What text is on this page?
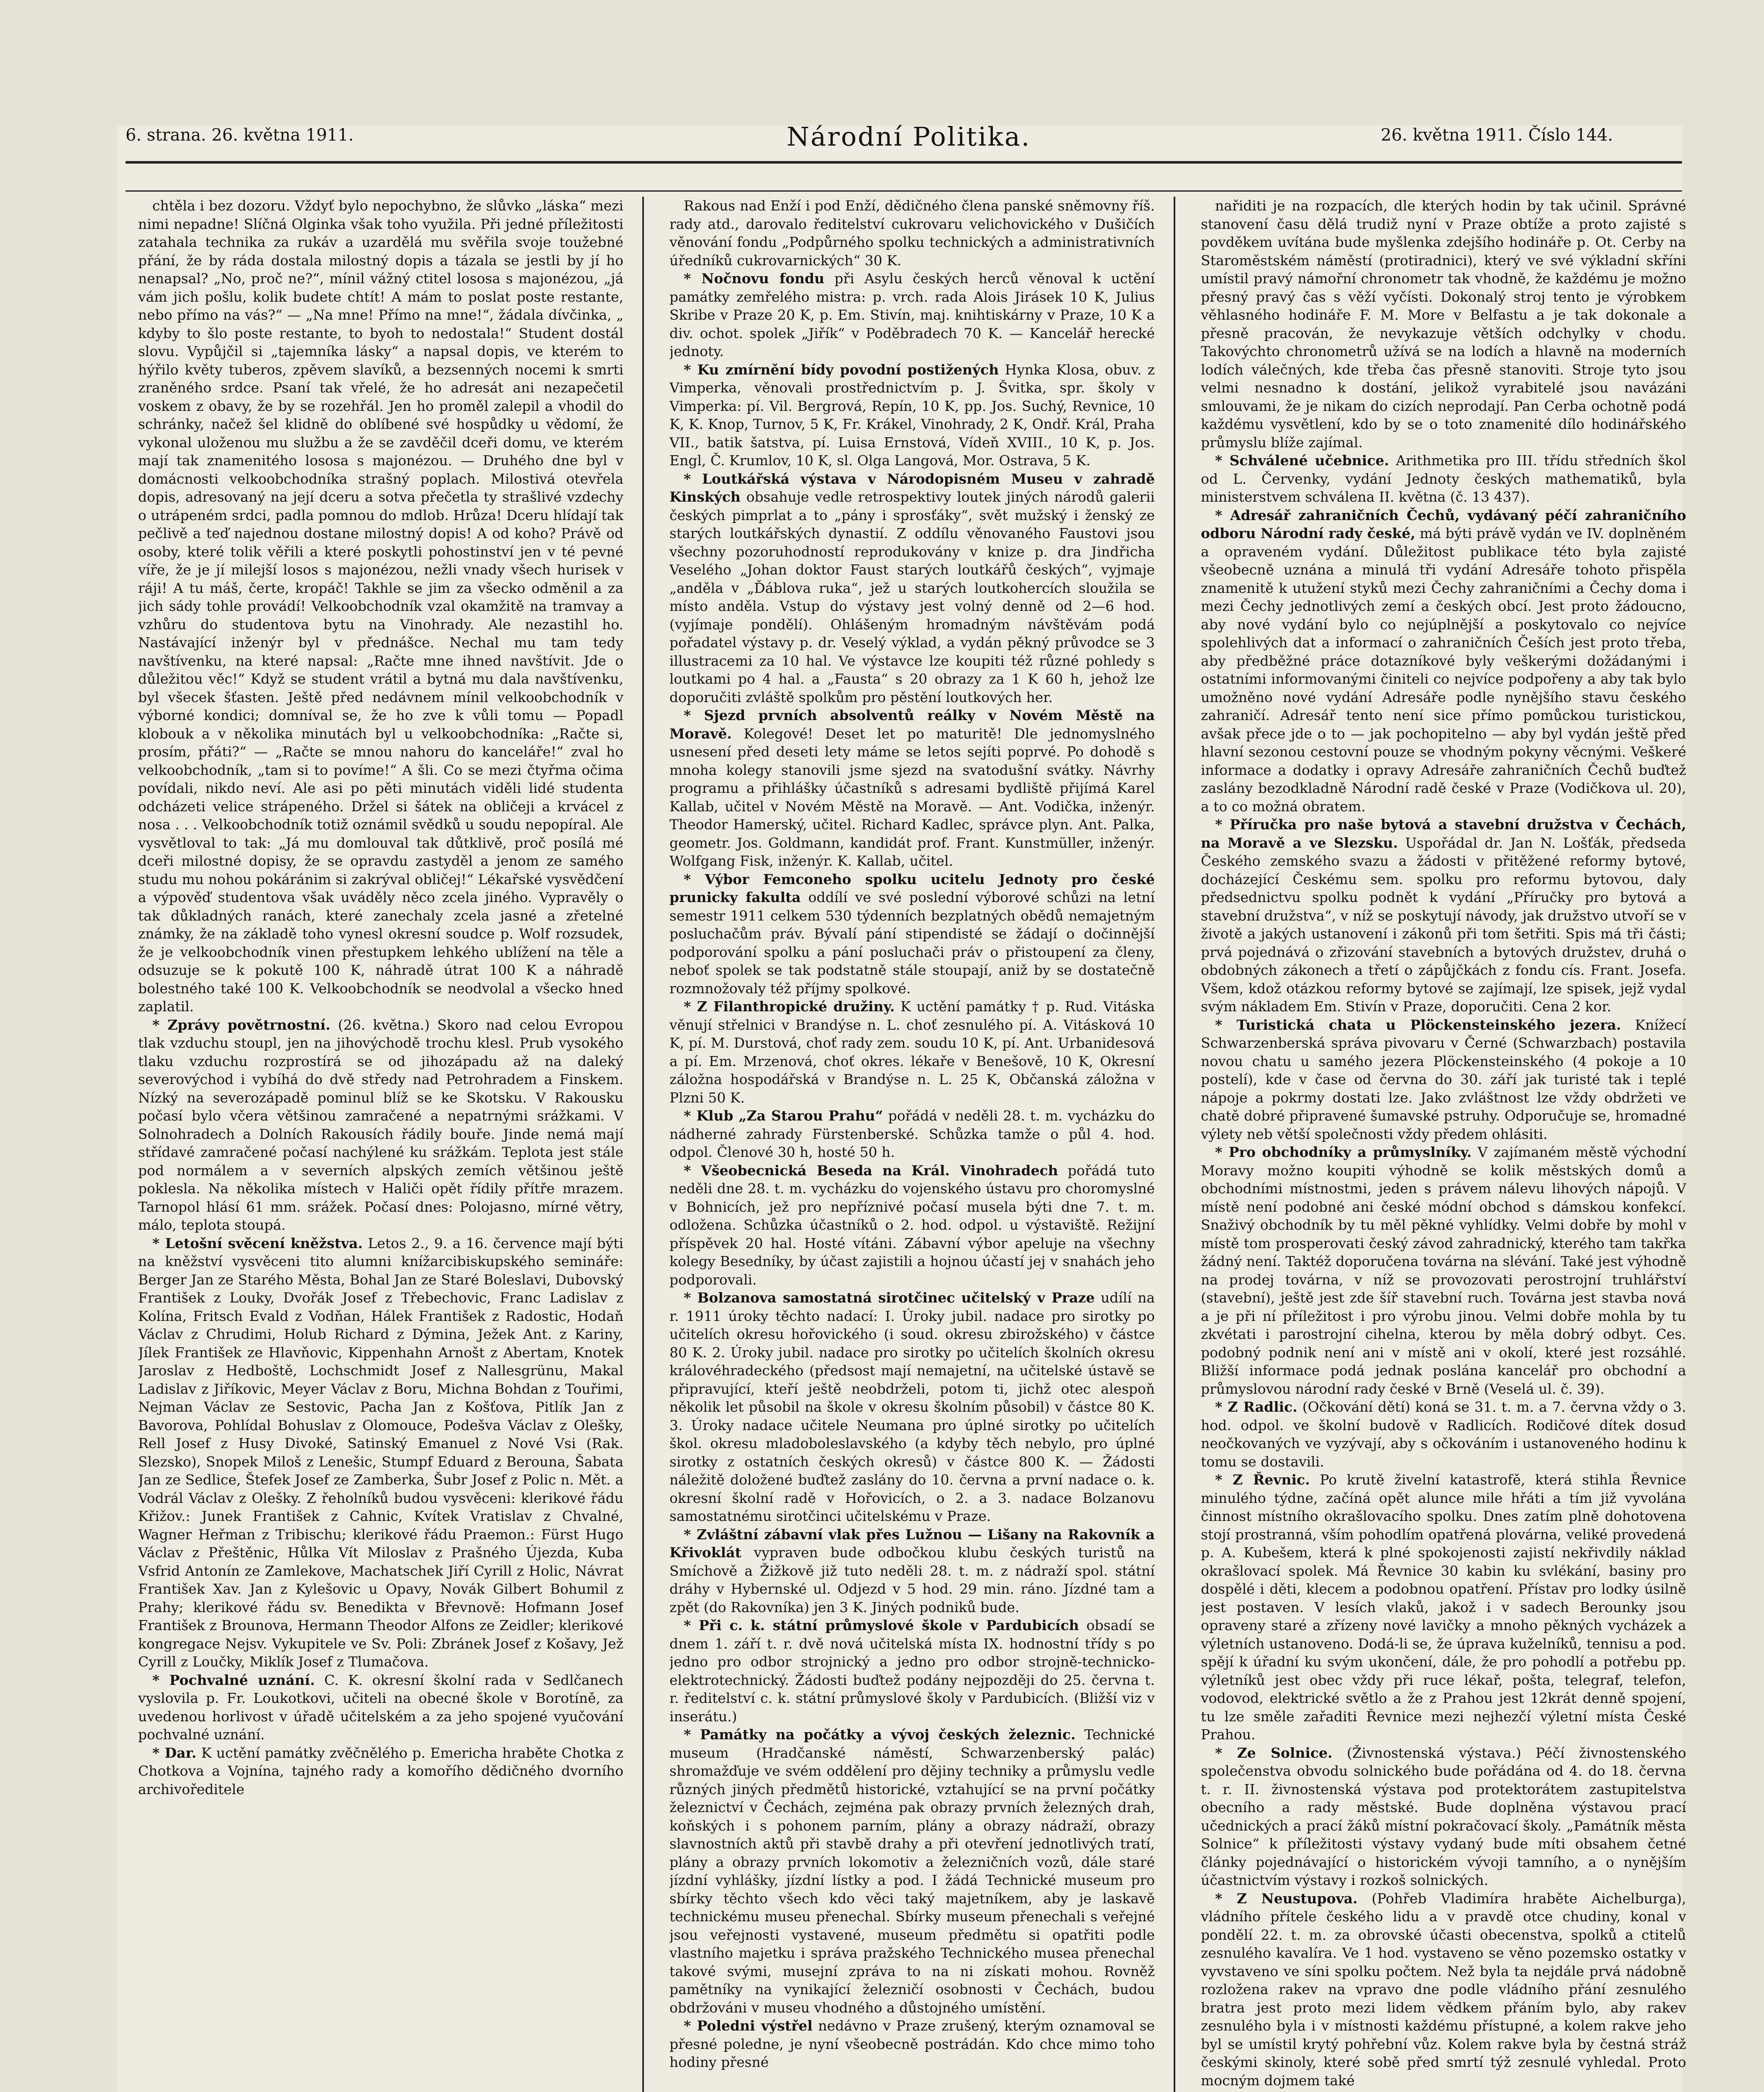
6. strana. 26. května 1911.	Národní Politika.	26. května 1911. Číslo 144.

chtěla i bez dozoru. Vždyť bylo nepochybno, že slůvko „láska“ mezi nimi nepadne! Slíčná Olginka však toho využila. Při jedné příležitosti zatahala technika za rukáv a uzardělá mu svěřila svoje toužebné přání, že by ráda dostala milostný dopis a tázala se jestli by jí ho nenapsal? „No, proč ne?“, mínil vážný ctitel lososa s majonézou, „já vám jich pošlu, kolik budete chtít! A mám to poslat poste restante, nebo přímo na vás?“ — „Na mne! Přímo na mne!“, žádala dívčinka, „ kdyby to šlo poste restante, to byoh to nedostala!“ Student dostál slovu. Vypůjčil si „tajemníka lásky“ a napsal dopis, ve kterém to hýřilo květy tuberos, zpěvem slavíků, a bezsenných nocemi k smrti zraněného srdce. Psaní tak vřelé, že ho adresát ani nezapečetil voskem z obavy, že by se rozehřál. Jen ho proměl zalepil a vhodil do schránky, načež šel klidně do oblíbené své hospůdky u vědomí, že vykonal uloženou mu službu a že se zavděčil dceři domu, ve kterém mají tak znamenitého lososa s majonézou. — Druhého dne byl v domácnosti velkoobchodníka strašný poplach. Milostivá otevřela dopis, adresovaný na její dceru a sotva přečetla ty strašlivé vzdechy o utrápeném srdci, padla pomnou do mdlob. Hrůza! Dceru hlídají tak pečlivě a teď najednou dostane milostný dopis! A od koho? Právě od osoby, které tolik věřili a které poskytli pohostinství jen v té pevné víře, že je jí milejší losos s majonézou, nežli vnady všech hurisek v ráji! A tu máš, čerte, kropáč! Takhle se jim za všecko odměnil a za jich sády tohle provádí! Velkoobchodník vzal okamžitě na tramvay a vzhůru do studentova bytu na Vinohrady. Ale nezastihl ho. Nastávající inženýr byl v přednášce. Nechal mu tam tedy navštívenku, na které napsal: „Račte mne ihned navštívit. Jde o důležitou věc!“ Když se student vrátil a bytná mu dala navštívenku, byl všecek šťasten. Ještě před nedávnem mínil velkoobchodník v výborné kondici; domníval se, že ho zve k vůli tomu — Popadl klobouk a v několika minutách byl u velkoobchodníka: „Račte si, prosím, přáti?“ — „Račte se mnou nahoru do kanceláře!“ zval ho velkoobchodník, „tam si to povíme!“ A šli. Co se mezi čtyřma očima povídali, nikdo neví. Ale asi po pěti minutách viděli lidé studenta odcházeti velice strápeného. Držel si šátek na obličeji a krvácel z nosa . . . Velkoobchodník totiž oznámil svědků u soudu nepopíral. Ale vysvětloval to tak: „Já mu domlouval tak důtklivě, proč posílá mé dceři milostné dopisy, že se opravdu zastyděl a jenom ze samého studu mu nohou pokáránim si zakrýval obličej!“ Lékařské vysvědčení a výpověď studentova však uváděly něco zcela jiného. Vypravěly o tak důkladných ranách, které zanechaly zcela jasné a zřetelné známky, že na základě toho vynesl okresní soudce p. Wolf rozsudek, že je velkoobchodník vinen přestupkem lehkého ublížení na těle a odsuzuje se k pokutě 100 K, náhradě útrat 100 K a náhradě bolestného také 100 K. Velkoobchodník se neodvolal a všecko hned zaplatil.

* Zprávy povětrnostní. (26. května.) Skoro nad celou Evropou tlak vzduchu stoupl, jen na jihovýchodě trochu klesl. Prub vysokého tlaku vzduchu rozprostírá se od jihozápadu až na daleký severovýchod i vybíhá do dvě středy nad Petrohradem a Finskem. Nízký na severozápadě pominul blíž se ke Skotsku. V Rakousku počasí bylo včera většinou zamračené a nepatrnými srážkami. V Solnohradech a Dolních Rakousích řádily bouře. Jinde nemá mají střídavé zamračené počasí nachýlené ku srážkám. Teplota jest stále pod normálem a v severních alpských zemích většinou ještě poklesla. Na několika místech v Haliči opět řídily přítře mrazem. Tarnopol hlásí 61 mm. srážek. Počasí dnes: Polojasno, mírné větry, málo, teplota stoupá.

* Letošní svěcení kněžstva. Letos 2., 9. a 16. července mají býti na kněžství vysvěceni tito alumni knížarcibiskupského semináře: Berger Jan ze Starého Města, Bohal Jan ze Staré Boleslavi, Dubovský František z Louky, Dvořák Josef z Třebechovic, Franc Ladislav z Kolína, Fritsch Evald z Vodňan, Hálek František z Radostic, Hodaň Václav z Chrudimi, Holub Richard z Dýmina, Ježek Ant. z Kariny, Jílek František ze Hlavňovic, Kippenhahn Arnošt z Abertam, Knotek Jaroslav z Hedboště, Lochschmidt Josef z Nallesgrünu, Makal Ladislav z Jiříkovic, Meyer Václav z Boru, Michna Bohdan z Touřimi, Nejman Václav ze Sestovic, Pacha Jan z Košťova, Pitlík Jan z Bavorova, Pohlídal Bohuslav z Olomouce, Podešva Václav z Olešky, Rell Josef z Husy Divoké, Satinský Emanuel z Nové Vsi (Rak. Slezsko), Snopek Miloš z Lenešic, Stumpf Eduard z Berouna, Šabata Jan ze Sedlice, Štefek Josef ze Zamberka, Šubr Josef z Polic n. Mět. a Vodrál Václav z Olešky. Z řeholníků budou vysvěceni: klerikové řádu Křižov.: Junek František z Cahnic, Kvítek Vratislav z Chvalné, Wagner Heřman z Tribischu; klerikové řádu Praemon.: Fürst Hugo Václav z Přeštěnic, Hůlka Vít Miloslav z Prašného Újezda, Kuba Vsfrid Antonín ze Zamlekove, Machatschek Jiří Cyrill z Holic, Návrat František Xav. Jan z Kylešovic u Opavy, Novák Gilbert Bohumil z Prahy; klerikové řádu sv. Benedikta v Břevnově: Hofmann Josef František z Brounova, Hermann Theodor Alfons ze Zeidler; klerikové kongregace Nejsv. Vykupitele ve Sv. Poli: Zbránek Josef z Košavy, Jež Cyrill z Loučky, Miklík Josef z Tlumačova.

* Pochvalné uznání. C. K. okresní školní rada v Sedlčanech vyslovila p. Fr. Loukotkovi, učiteli na obecné škole v Borotíně, za uvedenou horlivost v úřadě učitelském a za jeho spojené vyučování pochvalné uznání.

* Dar. K uctění památky zvěčnělého p. Emericha hraběte Chotka z Chotkova a Vojnína, tajného rady a komořího dědičného dvorního archivoředitele

Rakous nad Enží i pod Enží, dědičného člena panské sněmovny říš. rady atd., darovalo ředitelství cukrovaru velichovického v Dušičích věnování fondu „Podpůrného spolku technických a administrativních úředníků cukrovarnických“ 30 K.

* Nočnovu fondu při Asylu českých herců věnoval k uctění památky zemřelého mistra: p. vrch. rada Alois Jirásek 10 K, Julius Skribe v Praze 20 K, p. Em. Stivín, maj. knihtiskárny v Praze, 10 K a div. ochot. spolek „Jiřík“ v Poděbradech 70 K. — Kancelář herecké jednoty.

* Ku zmírnění bídy povodní postižených Hynka Klosa, obuv. z Vimperka, věnovali prostřednictvím p. J. Švitka, spr. školy v Vimperka: pí. Vil. Bergrová, Repín, 10 K, pp. Jos. Suchý, Revnice, 10 K, K. Knop, Turnov, 5 K, Fr. Krákel, Vinohrady, 2 K, Ondř. Král, Praha VII., batik šatstva, pí. Luisa Ernstová, Vídeň XVIII., 10 K, p. Jos. Engl, Č. Krumlov, 10 K, sl. Olga Langová, Mor. Ostrava, 5 K.

* Loutkářská výstava v Národopisném Museu v zahradě Kinských obsahuje vedle retrospektivy loutek jiných národů galerii českých pimprlat a to „pány i sprosťáky“, svět mužský i ženský ze starých loutkářských dynastií. Z oddílu věnovaného Faustovi jsou všechny pozoruhodností reprodukovány v knize p. dra Jindřicha Veselého „Johan doktor Faust starých loutkářů českých“, vyjmaje „anděla v „Ďáblova ruka“, jež u starých loutkohercích sloužila se místo anděla. Vstup do výstavy jest volný denně od 2—6 hod. (vyjímaje pondělí). Ohlášeným hromadným návštěvám podá pořadatel výstavy p. dr. Veselý výklad, a vydán pěkný průvodce se 3 illustracemi za 10 hal. Ve výstavce lze koupiti též různé pohledy s loutkami po 4 hal. a „Fausta“ s 20 obrazy za 1 K 60 h, jehož lze doporučiti zvláště spolkům pro pěstění loutkových her.

* Sjezd prvních absolventů reálky v Novém Městě na Moravě. Kolegové! Deset let po maturitě! Dle jednomyslného usnesení před deseti lety máme se letos sejíti poprvé. Po dohodě s mnoha kolegy stanovili jsme sjezd na svatodušní svátky. Návrhy programu a přihlášky účastníků s adresami bydliště přijímá Karel Kallab, učitel v Novém Městě na Moravě. — Ant. Vodička, inženýr. Theodor Hamerský, učitel. Richard Kadlec, správce plyn. Ant. Palka, geometr. Jos. Goldmann, kandidát prof. Frant. Kunstmüller, inženýr. Wolfgang Fisk, inženýr. K. Kallab, učitel.

* Výbor Femconeho spolku ucitelu Jednoty pro české prunicky fakulta oddílí ve své poslední výborové schůzi na letní semestr 1911 celkem 530 týdenních bezplatných obědů nemajetným posluchačům práv. Bývalí pání stipendisté se žádají o dočinnější podporování spolku a pání posluchači práv o přistoupení za členy, neboť spolek se tak podstatně stále stoupají, aniž by se dostatečně rozmnožovaly též příjmy spolkové.

* Z Filanthropické družiny. K uctění památky † p. Rud. Vitáska věnují střelnici v Brandýse n. L. choť zesnulého pí. A. Vitásková 10 K, pí. M. Durstová, choť rady zem. soudu 10 K, pí. Ant. Urbanidesová a pí. Em. Mrzenová, choť okres. lékaře v Benešově, 10 K, Okresní záložna hospodářská v Brandýse n. L. 25 K, Občanská záložna v Plzni 50 K.

* Klub „Za Starou Prahu“ pořádá v neděli 28. t. m. vycházku do nádherné zahrady Fürstenberské. Schůzka tamže o půl 4. hod. odpol. Členové 30 h, hosté 50 h.

* Všeobecnická Beseda na Král. Vinohradech pořádá tuto neděli dne 28. t. m. vycházku do vojenského ústavu pro choromyslné v Bohnicích, jež pro nepříznivé počasí musela býti dne 7. t. m. odložena. Schůzka účastníků o 2. hod. odpol. u výstaviště. Režijní příspěvek 20 hal. Hosté vítáni. Zábavní výbor apeluje na všechny kolegy Besedníky, by účast zajistili a hojnou účastí jej v snahách jeho podporovali.

* Bolzanova samostatná sirotčinec učitelský v Praze udílí na r. 1911 úroky těchto nadací: I. Úroky jubil. nadace pro sirotky po učitelích okresu hořovického (i soud. okresu zbirožského) v částce 80 K. 2. Úroky jubil. nadace pro sirotky po učitelích školních okresu královéhradeckého (předsost mají nemajetní, na učitelské ústavě se připravující, kteří ještě neobdrželi, potom ti, jichž otec alespoň několik let působil na škole v okresu školním působil) v částce 80 K. 3. Úroky nadace učitele Neumana pro úplné sirotky po učitelích škol. okresu mladoboleslavského (a kdyby těch nebylo, pro úplné sirotky z ostatních českých okresů) v částce 800 K. — Žádosti náležitě doložené buďtež zaslány do 10. června a první nadace o. k. okresní školní radě v Hořovicích, o 2. a 3. nadace Bolzanovu samostatnému sirotčinci učitelskému v Praze.

* Zvláštní zábavní vlak přes Lužnou — Lišany na Rakovník a Křivoklát vypraven bude odbočkou klubu českých turistů na Smíchově a Žižkově již tuto neděli 28. t. m. z nádraží spol. státní dráhy v Hybernské ul. Odjezd v 5 hod. 29 min. ráno. Jízdné tam a zpět (do Rakovníka) jen 3 K. Jiných podniků bude.

* Při c. k. státní průmyslové škole v Pardubicích obsadí se dnem 1. září t. r. dvě nová učitelská místa IX. hodnostní třídy s po jedno pro odbor strojnický a jedno pro odbor strojně-technicko-elektrotechnický. Žádosti buďtež podány nejpozději do 25. června t. r. ředitelství c. k. státní průmyslové školy v Pardubicích. (Bližší viz v inserátu.)

* Památky na počátky a vývoj českých železnic. Technické museum (Hradčanské náměstí, Schwarzenberský palác) shromažďuje ve svém oddělení pro dějiny techniky a průmyslu vedle různých jiných předmětů historické, vztahující se na první počátky železnictví v Čechách, zejména pak obrazy prvních železných drah, koňských i s pohonem parním, plány a obrazy nádraží, obrazy slavnostních aktů při stavbě drahy a při otevření jednotlivých tratí, plány a obrazy prvních lokomotiv a železničních vozů, dále staré jízdní vyhlášky, jízdní lístky a pod. I žádá Technické museum pro sbírky těchto všech kdo věci taký majetníkem, aby je laskavě technickému museu přenechal. Sbírky museum přenechali s veřejné jsou veřejnosti vystavené, museum předmětu si opatřiti podle vlastního majetku i správa pražského Technického musea přenechal takové svými, musejní zpráva to na ni získati mohou. Rovněž pamětníky na vynikající železničí osobnosti v Čechách, budou obdržováni v museu vhodného a důstojného umístění.

* Poledni výstřel nedávno v Praze zrušený, kterým oznamoval se přesné poledne, je nyní všeobecně postrádán. Kdo chce mimo toho hodiny přesné

nařiditi je na rozpacích, dle kterých hodin by tak učinil. Správné stanovení času dělá trudiž nyní v Praze obtíže a proto zajisté s povděkem uvítána bude myšlenka zdejšího hodináře p. Ot. Cerby na Staroměstském náměstí (protiradnici), který ve své výkladní skříni umístil pravý námořní chronometr tak vhodně, že každému je možno přesný pravý čas s věží vyčísti. Dokonalý stroj tento je výrobkem věhlasného hodináře F. M. More v Belfastu a je tak dokonale a přesně pracován, že nevykazuje větších odchylky v chodu. Takovýchto chronometrů užívá se na lodích a hlavně na moderních lodích válečných, kde třeba čas přesně stanoviti. Stroje tyto jsou velmi nesnadno k dostání, jelikož vyrabitelé jsou navázáni smlouvami, že je nikam do cizích neprodají. Pan Cerba ochotně podá každému vysvětlení, kdo by se o toto znamenité dílo hodinářského průmyslu blíže zajímal.

* Schválené učebnice. Arithmetika pro III. třídu středních škol od L. Červenky, vydání Jednoty českých mathematiků, byla ministerstvem schválena II. května (č. 13 437).

* Adresář zahraničních Čechů, vydávaný péčí zahraničního odboru Národní rady české, má býti právě vydán ve IV. doplněném a opraveném vydání. Důležitost publikace této byla zajisté všeobecně uznána a minulá tři vydání Adresáře tohoto přispěla znamenitě k utužení styků mezi Čechy zahraničními a Čechy doma i mezi Čechy jednotlivých zemí a českých obcí. Jest proto žádoucno, aby nové vydání bylo co nejúplnější a poskytovalo co nejvíce spolehlivých dat a informací o zahraničních Češích jest proto třeba, aby předběžné práce dotazníkové byly veškerými dožádanými i ostatními informovanými činiteli co nejvíce podpořeny a aby tak bylo umožněno nové vydání Adresáře podle nynějšího stavu českého zahraničí. Adresář tento není sice přímo pomůckou turistickou, avšak přece jde o to — jak pochopitelno — aby byl vydán ještě před hlavní sezonou cestovní pouze se vhodným pokyny věcnými. Veškeré informace a dodatky i opravy Adresáře zahraničních Čechů buďtež zaslány bezodkladně Národní radě české v Praze (Vodičkova ul. 20), a to co možná obratem.

* Příručka pro naše bytová a stavební družstva v Čechách, na Moravě a ve Slezsku. Uspořádal dr. Jan N. Lošťák, předseda Českého zemského svazu a žádosti v přitěžené reformy bytové, docházející Českému sem. spolku pro reformu bytovou, daly předsednictvu spolku podnět k vydání „Příručky pro bytová a stavební družstva“, v níž se poskytují návody, jak družstvo utvoří se v životě a jakých ustanovení i zákonů při tom šetřiti. Spis má tři části; prvá pojednává o zřizování stavebních a bytových družstev, druhá o obdobných zákonech a třetí o zápůjčkách z fondu cís. Frant. Josefa. Všem, kdož otázkou reformy bytové se zajímají, lze spisek, jejž vydal svým nákladem Em. Stivín v Praze, doporučiti. Cena 2 kor.

* Turistická chata u Plöckensteinského jezera. Knížecí Schwarzenberská správa pivovaru v Černé (Schwarzbach) postavila novou chatu u samého jezera Plöckensteinského (4 pokoje a 10 postelí), kde v čase od června do 30. září jak turisté tak i teplé nápoje a pokrmy dostati lze. Jako zvláštnost lze vždy obdržeti ve chatě dobré připravené šumavské pstruhy. Odporučuje se, hromadné výlety neb větší společnosti vždy předem ohlásiti.

* Pro obchodníky a průmyslníky. V zajímaném městě východní Moravy možno koupiti výhodně se kolik městských domů a obchodními místnostmi, jeden s právem nálevu lihových nápojů. V místě není podobné ani české módní obchod s dámskou konfekcí. Snaživý obchodník by tu měl pěkné vyhlídky. Velmi dobře by mohl v místě tom prosperovati český závod zahradnický, kterého tam takřka žádný není. Taktéž doporučena továrna na slévání. Také jest výhodně na prodej továrna, v níž se provozovati perostrojní truhlářství (stavební), ještě jest zde šíř stavební ruch. Továrna jest stavba nová a je při ní příležitost i pro výrobu jinou. Velmi dobře mohla by tu zkvétati i parostrojní cihelna, kterou by měla dobrý odbyt. Ces. podobný podnik není ani v místě ani v okolí, které jest rozsáhlé. Bližší informace podá jednak poslána kancelář pro obchodní a průmyslovou národní rady české v Brně (Veselá ul. č. 39).

* Z Radlic. (Očkování dětí) koná se 31. t. m. a 7. června vždy o 3. hod. odpol. ve školní budově v Radlicích. Rodičové dítek dosud neočkovaných ve vyzývají, aby s očkováním i ustanoveného hodinu k tomu se dostavili.

* Z Řevnic. Po krutě živelní katastrofě, která stihla Řevnice minulého týdne, začíná opět alunce mile hřáti a tím již vyvolána činnost místního okrašlovacího spolku. Dnes zatím plně dohotovena stojí prostranná, vším pohodlím opatřená plovárna, veliké provedená p. A. Kubešem, která k plné spokojenosti zajistí nekřivdily náklad okrašlovací spolek. Má Řevnice 30 kabin ku svlékání, basiny pro dospělé i děti, klecem a podobnou opatření. Přístav pro lodky úsilně jest postaven. V lesích vlaků, jakož i v sadech Berounky jsou opraveny staré a zřízeny nové lavičky a mnoho pěkných vycházek a výletních ustanoveno. Dodá-li se, že úprava kuželníků, tennisu a pod. spějí k úřadní ku svým ukončení, dále, že pro pohodlí a potřebu pp. výletníků jest obec vždy při ruce lékař, pošta, telegraf, telefon, vodovod, elektrické světlo a že z Prahou jest 12krát denně spojení, tu lze směle zařaditi Řevnice mezi nejhezčí výletní místa České Prahou.

* Ze Solnice. (Živnostenská výstava.) Péčí živnostenského společenstva obvodu solnického bude pořádána od 4. do 18. června t. r. II. živnostenská výstava pod protektorátem zastupitelstva obecního a rady městské. Bude doplněna výstavou prací učednických a prací žáků místní pokračovací školy. „Památník města Solnice“ k příležitosti výstavy vydaný bude míti obsahem četné články pojednávající o historickém vývoji tamního, a o nynějším účastnictvím výstavy i rozkoš solnických.

* Z Neustupova. (Pohřeb Vladimíra hraběte Aichelburga), vládního přítele českého lidu a v pravdě otce chudiny, konal v pondělí 22. t. m. za obrovské účasti obecenstva, spolků a ctitelů zesnulého kavalíra. Ve 1 hod. vystaveno se věno pozemsko ostatky v vyvstaveno ve síni spolku počtem. Než byla ta nejdále prvá nádobně rozložena rakev na vpravo dne podle vládního přání zesnulého bratra jest proto mezi lidem vědkem přáním bylo, aby rakev zesnulého byla i v místnosti každému přístupné, a kolem rakve jeho byl se umístil krytý pohřební vůz. Kolem rakve byla by čestná stráž českými skinoly, které sobě před smrtí týž zesnulé vyhledal. Proto mocným dojmem také
